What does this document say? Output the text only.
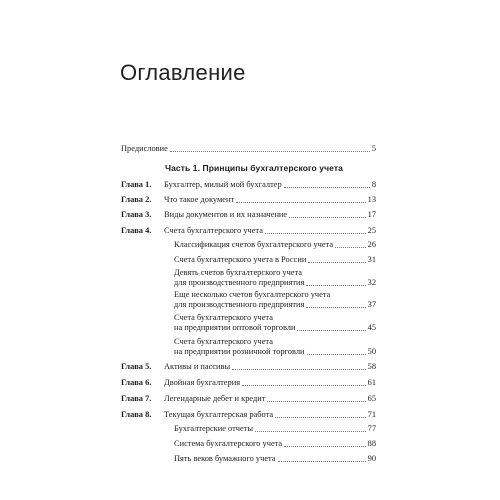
Оглавление
Предисловие	5
Часть 1. Принципы бухгалтерского учета
Глава 1. Бухгалтер, милый мой бухгалтер	8
Глава 2. Что такое документ	13
Глава 3. Виды документов и их назначение	17
Глава 4. Счета бухгалтерского учета	25
Классификация счетов бухгалтерского учета	26
Счета бухгалтерского учета в России	31
Девять счетов бухгалтерского учета
для производственного предприятия	32
Еще несколько счетов бухгалтерского учета
для производственного предприятия	37
Счета бухгалтерского учета
на предприятии оптовой торговли	45
Счета бухгалтерского учета
на предприятии розничной торговли	50
Глава 5. Активы и пассивы	58
Глава 6. Двойная бухгалтерия	61
Глава 7. Легендарные дебет и кредит	65
Глава 8. Текущая бухгалтерская работа	71
Бухгалтерские отчеты	77
Система бухгалтерского учета	88
Пять веков бумажного учета	90
